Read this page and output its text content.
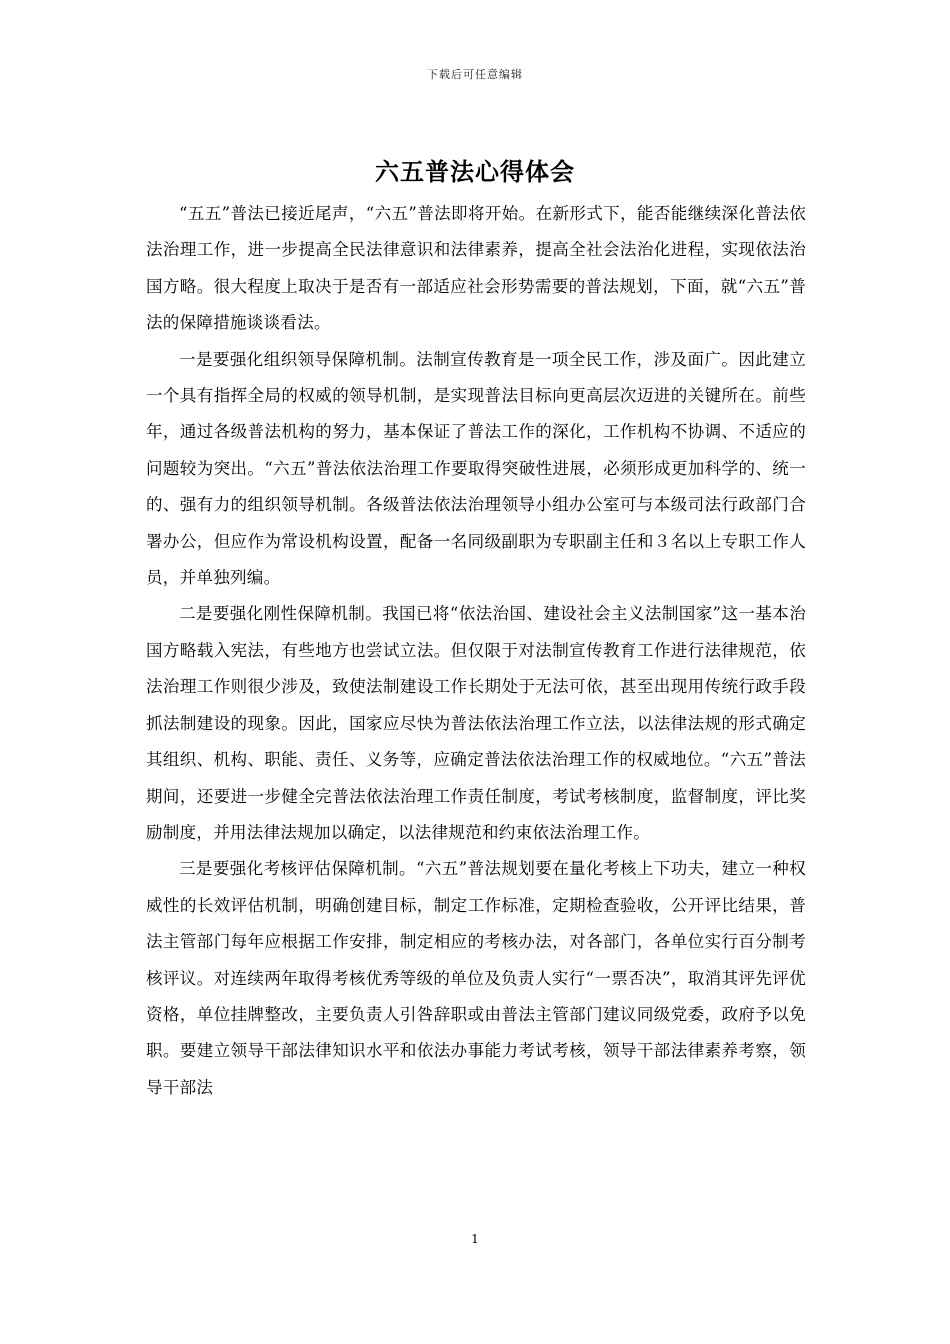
下载后可任意编辑
六五普法心得体会

“五五”普法已接近尾声，“六五”普法即将开始。在新形式下，能否能继续深化普法依法治理工作，进一步提高全民法律意识和法律素养，提高全社会法治化进程，实现依法治国方略。很大程度上取决于是否有一部适应社会形势需要的普法规划，下面，就“六五”普法的保障措施谈谈看法。

一是要强化组织领导保障机制。法制宣传教育是一项全民工作，涉及面广。因此建立一个具有指挥全局的权威的领导机制，是实现普法目标向更高层次迈进的关键所在。前些年，通过各级普法机构的努力，基本保证了普法工作的深化，工作机构不协调、不适应的问题较为突出。“六五”普法依法治理工作要取得突破性进展，必须形成更加科学的、统一的、强有力的组织领导机制。各级普法依法治理领导小组办公室可与本级司法行政部门合署办公，但应作为常设机构设置，配备一名同级副职为专职副主任和３名以上专职工作人员，并单独列编。

二是要强化刚性保障机制。我国已将“依法治国、建设社会主义法制国家”这一基本治国方略载入宪法，有些地方也尝试立法。但仅限于对法制宣传教育工作进行法律规范，依法治理工作则很少涉及，致使法制建设工作长期处于无法可依，甚至出现用传统行政手段抓法制建设的现象。因此，国家应尽快为普法依法治理工作立法，以法律法规的形式确定其组织、机构、职能、责任、义务等，应确定普法依法治理工作的权威地位。“六五”普法期间，还要进一步健全完普法依法治理工作责任制度，考试考核制度，监督制度，评比奖励制度，并用法律法规加以确定，以法律规范和约束依法治理工作。

三是要强化考核评估保障机制。“六五”普法规划要在量化考核上下功夫，建立一种权威性的长效评估机制，明确创建目标，制定工作标准，定期检查验收，公开评比结果，普法主管部门每年应根据工作安排，制定相应的考核办法，对各部门，各单位实行百分制考核评议。对连续两年取得考核优秀等级的单位及负责人实行“一票否决”，取消其评先评优资格，单位挂牌整改，主要负责人引咎辞职或由普法主管部门建议同级党委，政府予以免职。要建立领导干部法律知识水平和依法办事能力考试考核，领导干部法律素养考察，领导干部法

1
